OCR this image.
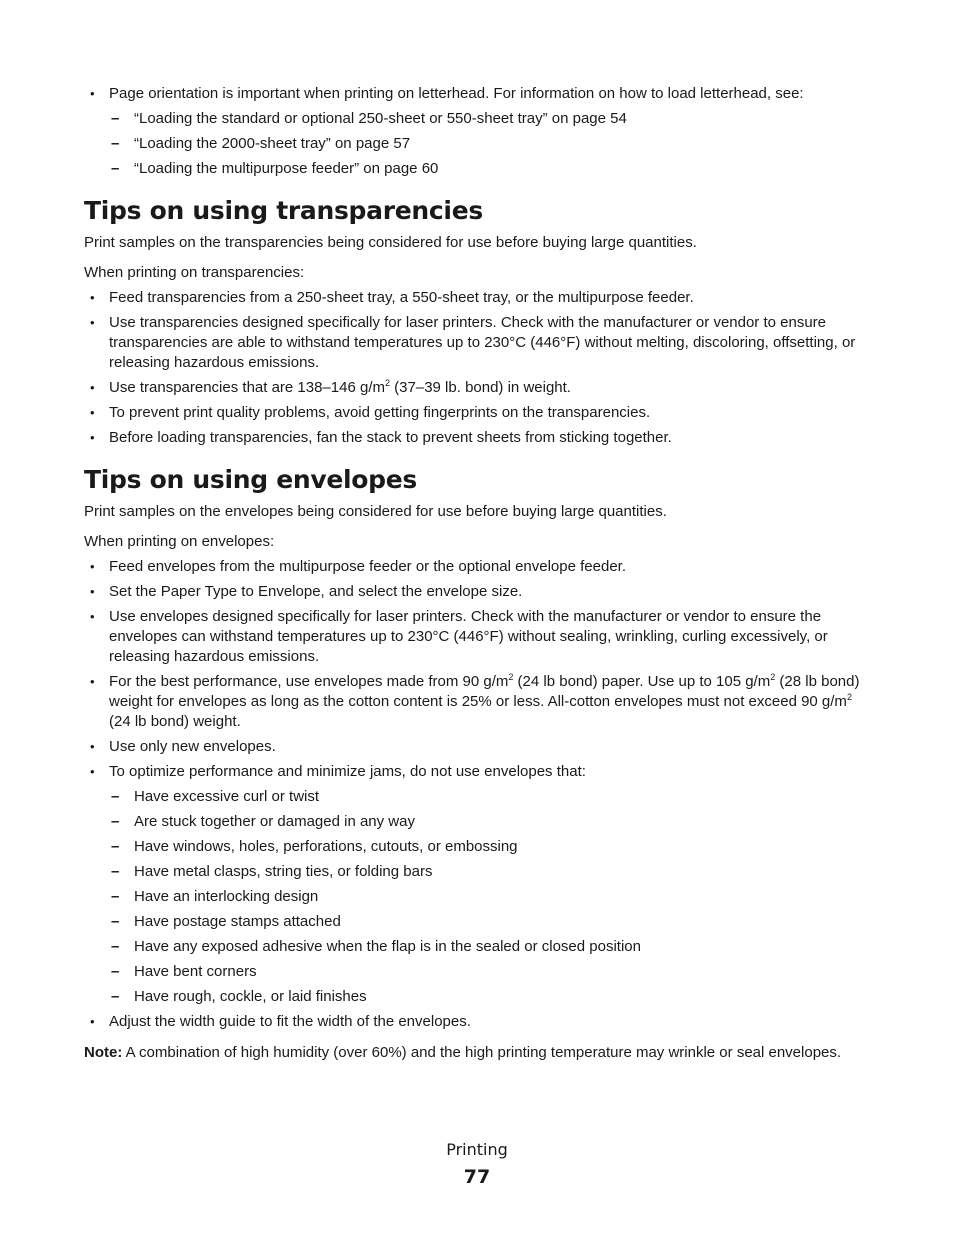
• Page orientation is important when printing on letterhead. For information on how to load letterhead, see:
– “Loading the standard or optional 250-sheet or 550-sheet tray” on page 54
– “Loading the 2000-sheet tray” on page 57
– “Loading the multipurpose feeder” on page 60
Tips on using transparencies

Print samples on the transparencies being considered for use before buying large quantities.

When printing on transparencies:

• Feed transparencies from a 250-sheet tray, a 550-sheet tray, or the multipurpose feeder.
• Use transparencies designed specifically for laser printers. Check with the manufacturer or vendor to ensure transparencies are able to withstand temperatures up to 230°C (446°F) without melting, discoloring, offsetting, or releasing hazardous emissions.
• Use transparencies that are 138–146 $g/m^2$ (37–39 lb. bond) in weight.
• To prevent print quality problems, avoid getting fingerprints on the transparencies.
• Before loading transparencies, fan the stack to prevent sheets from sticking together.
Tips on using envelopes

Print samples on the envelopes being considered for use before buying large quantities.

When printing on envelopes:

• Feed envelopes from the multipurpose feeder or the optional envelope feeder.
• Set the Paper Type to Envelope, and select the envelope size.
• Use envelopes designed specifically for laser printers. Check with the manufacturer or vendor to ensure the envelopes can withstand temperatures up to 230°C (446°F) without sealing, wrinkling, curling excessively, or releasing hazardous emissions.
• For the best performance, use envelopes made from 90 $g/m^2$ (24 lb bond) paper. Use up to 105 $g/m^2$ (28 lb bond) weight for envelopes as long as the cotton content is 25% or less. All-cotton envelopes must not exceed 90 $g/m^2$ (24 lb bond) weight.
• Use only new envelopes.
• To optimize performance and minimize jams, do not use envelopes that:
– Have excessive curl or twist
– Are stuck together or damaged in any way
– Have windows, holes, perforations, cutouts, or embossing
– Have metal clasps, string ties, or folding bars
– Have an interlocking design
– Have postage stamps attached
– Have any exposed adhesive when the flap is in the sealed or closed position
– Have bent corners
– Have rough, cockle, or laid finishes
• Adjust the width guide to fit the width of the envelopes.

Note: A combination of high humidity (over 60%) and the high printing temperature may wrinkle or seal envelopes.

Printing
77
